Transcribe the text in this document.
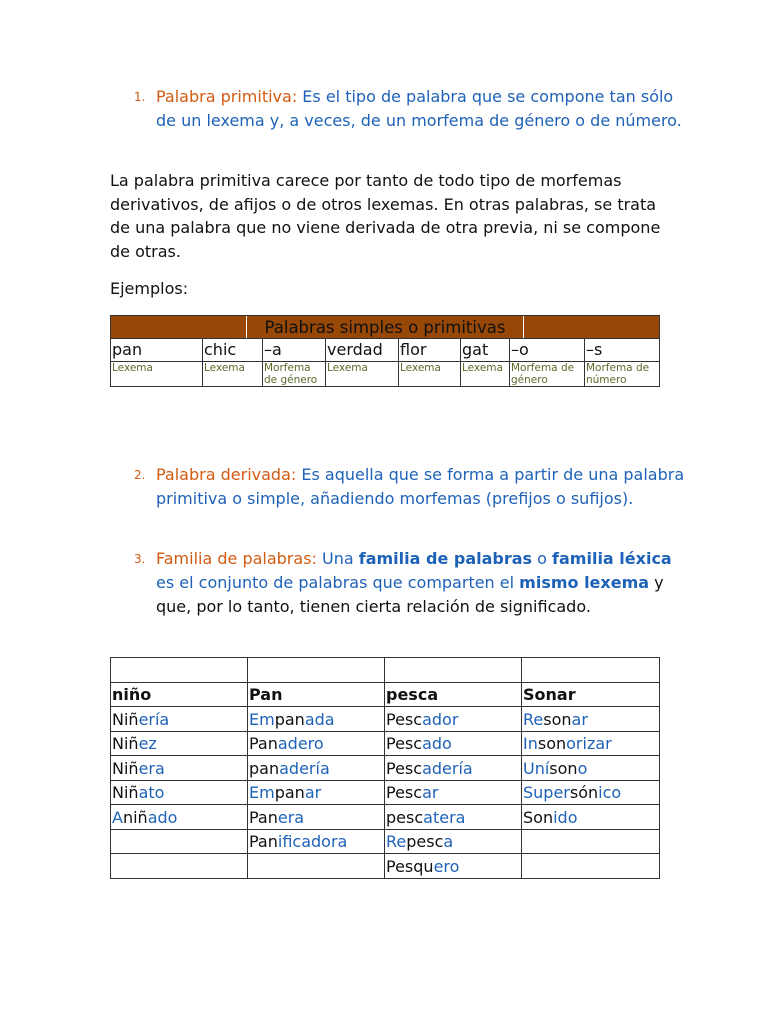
1. Palabra primitiva: Es el tipo de palabra que se compone tan sólo de un lexema y, a veces, de un morfema de género o de número.
La palabra primitiva carece por tanto de todo tipo de morfemas derivativos, de afijos o de otros lexemas. En otras palabras, se trata de una palabra que no viene derivada de otra previa, ni se compone de otras.
Ejemplos:
Palabras simples o primitivas							

pan	chic	–a	verdad	flor	gat	–o	–s
Lexema	Lexema	Morfema de género	Lexema	Lexema	Lexema	Morfema de género	Morfema de número
2. Palabra derivada: Es aquella que se forma a partir de una palabra primitiva o simple, añadiendo morfemas (prefijos o sufijos).
3. Familia de palabras: Una familia de palabras o familia léxica es el conjunto de palabras que comparten el mismo lexema y que, por lo tanto, tienen cierta relación de significado.

niño	Pan	pesca	Sonar
Niñería	Empanada	Pescador	Resonar
Niñez	Panadero	Pescado	Insonorizar
Niñera	panadería	Pescadería	Unísono
Niñato	Empanar	Pescar	Supersónico
Aniñado	Panera	pescatera	Sonido
	Panificadora	Repesca	
		Pesquero	
